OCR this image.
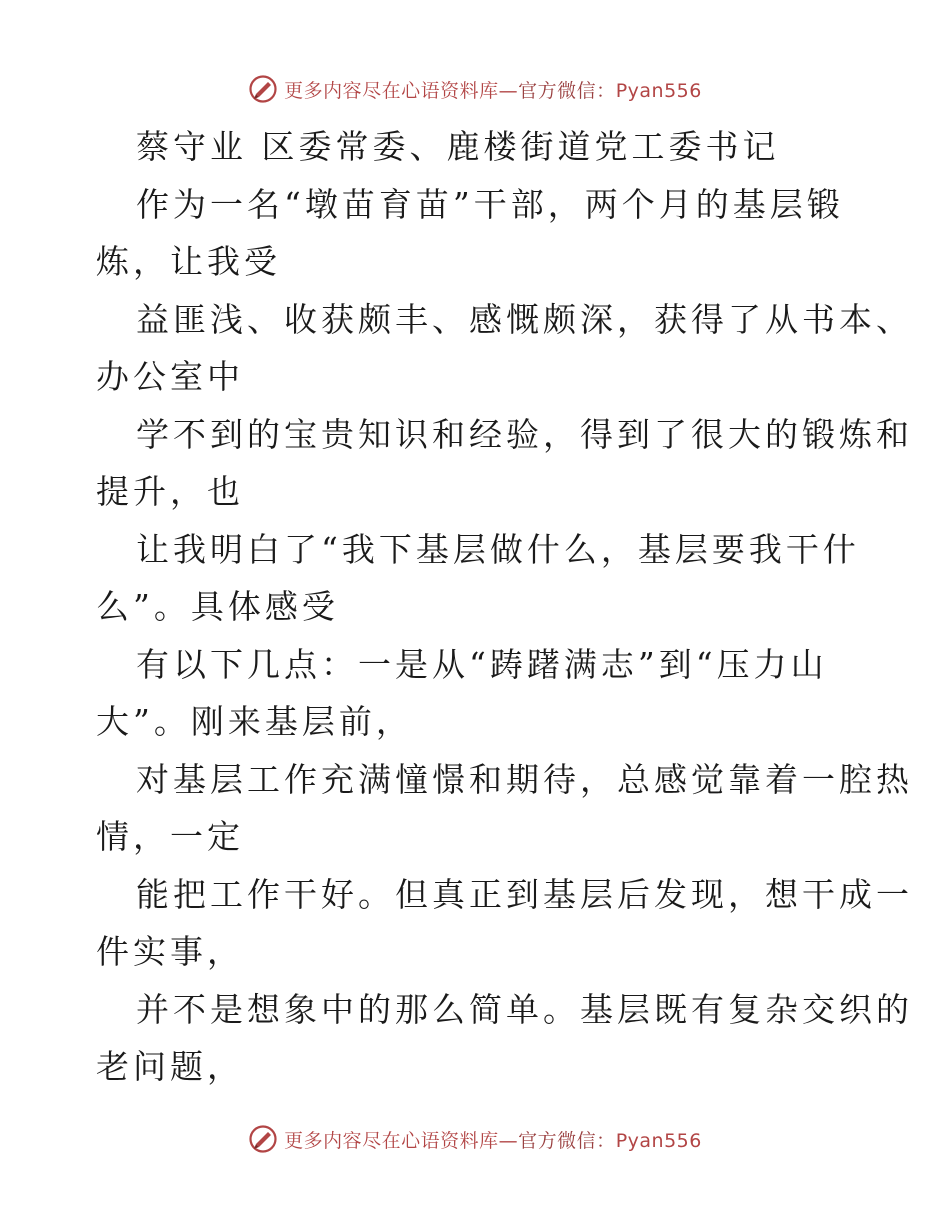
更多内容尽在心语资料库—官方微信：Pyan556
蔡守业 区委常委、鹿楼街道党工委书记
作为一名“墩苗育苗”干部，两个月的基层锻
炼，让我受
益匪浅、收获颇丰、感慨颇深，获得了从书本、
办公室中
学不到的宝贵知识和经验，得到了很大的锻炼和
提升，也
让我明白了“我下基层做什么，基层要我干什
么”。具体感受
有以下几点：一是从“踌躇满志”到“压力山
大”。刚来基层前，
对基层工作充满憧憬和期待，总感觉靠着一腔热
情，一定
能把工作干好。但真正到基层后发现，想干成一
件实事，
并不是想象中的那么简单。基层既有复杂交织的
老问题，
更多内容尽在心语资料库—官方微信：Pyan556
